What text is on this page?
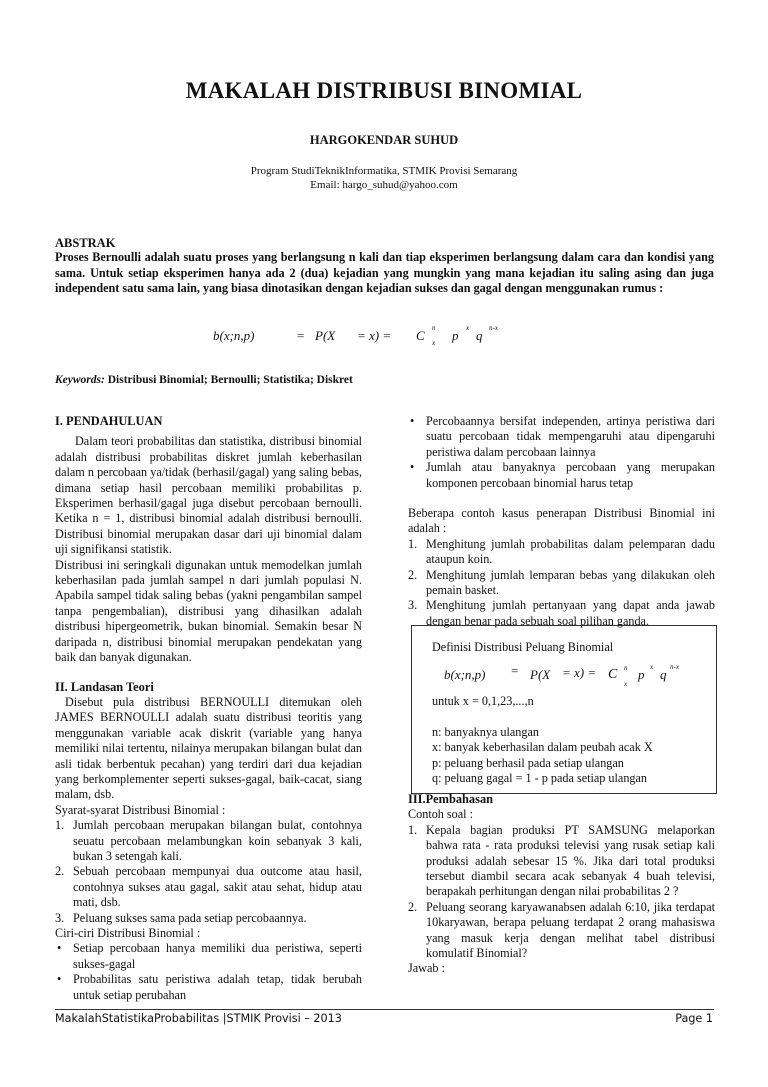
MAKALAH DISTRIBUSI BINOMIAL
HARGOKENDAR SUHUD
Program StudiTeknikInformatika, STMIK Provisi Semarang
Email: hargo_suhud@yahoo.com
ABSTRAK
Proses Bernoulli adalah suatu proses yang berlangsung n kali dan tiap eksperimen berlangsung dalam cara dan kondisi yang sama. Untuk setiap eksperimen hanya ada 2 (dua) kejadian yang mungkin yang mana kejadian itu saling asing dan juga independent satu sama lain, yang biasa dinotasikan dengan kejadian sukses dan gagal dengan menggunakan rumus :
b(x;n,p)	= P(X = x) = C n
x p x q n-x
Keywords: Distribusi Binomial; Bernoulli; Statistika; Diskret
I. PENDAHULUAN
Dalam teori probabilitas dan statistika, distribusi binomial adalah distribusi probabilitas diskret jumlah keberhasilan dalam n percobaan ya/tidak (berhasil/gagal) yang saling bebas, dimana setiap hasil percobaan memiliki probabilitas p. Eksperimen berhasil/gagal juga disebut percobaan bernoulli. Ketika n = 1, distribusi binomial adalah distribusi bernoulli. Distribusi binomial merupakan dasar dari uji binomial dalam uji signifikansi statistik.
Distribusi ini seringkali digunakan untuk memodelkan jumlah keberhasilan pada jumlah sampel n dari jumlah populasi N. Apabila sampel tidak saling bebas (yakni pengambilan sampel tanpa pengembalian), distribusi yang dihasilkan adalah distribusi hipergeometrik, bukan binomial. Semakin besar N daripada n, distribusi binomial merupakan pendekatan yang baik dan banyak digunakan.
II. Landasan Teori
Disebut pula distribusi BERNOULLI ditemukan oleh JAMES BERNOULLI adalah suatu distribusi teoritis yang menggunakan variable acak diskrit (variable yang hanya memiliki nilai tertentu, nilainya merupakan bilangan bulat dan asli tidak berbentuk pecahan) yang terdiri dari dua kejadian yang berkomplementer seperti sukses-gagal, baik-cacat, siang malam, dsb.
Syarat-syarat Distribusi Binomial :
1. Jumlah percobaan merupakan bilangan bulat, contohnya seuatu percobaan melambungkan koin sebanyak 3 kali, bukan 3 setengah kali.
2. Sebuah percobaan mempunyai dua outcome atau hasil, contohnya sukses atau gagal, sakit atau sehat, hidup atau mati, dsb.
3. Peluang sukses sama pada setiap percobaannya.
Ciri-ciri Distribusi Binomial :
• Setiap percobaan hanya memiliki dua peristiwa, seperti sukses-gagal
• Probabilitas satu peristiwa adalah tetap, tidak berubah untuk setiap perubahan
• Percobaannya bersifat independen, artinya peristiwa dari suatu percobaan tidak mempengaruhi atau dipengaruhi peristiwa dalam percobaan lainnya
• Jumlah atau banyaknya percobaan yang merupakan komponen percobaan binomial harus tetap
Beberapa contoh kasus penerapan Distribusi Binomial ini adalah :
1. Menghitung jumlah probabilitas dalam pelemparan dadu ataupun koin.
2. Menghitung jumlah lemparan bebas yang dilakukan oleh pemain basket.
3. Menghitung jumlah pertanyaan yang dapat anda jawab dengan benar pada sebuah soal pilihan ganda.
Definisi Distribusi Peluang Binomial
b(x;n,p) = P(X = x) = C n
x
p x q n-x
untuk x = 0,1,23,...,n
n: banyaknya ulangan
x: banyak keberhasilan dalam peubah acak X
p: peluang berhasil pada setiap ulangan
q: peluang gagal = 1 - p pada setiap ulangan
III.Pembahasan
Contoh soal :
1. Kepala bagian produksi PT SAMSUNG melaporkan bahwa rata - rata produksi televisi yang rusak setiap kali produksi adalah sebesar 15 %. Jika dari total produksi tersebut diambil secara acak sebanyak 4 buah televisi, berapakah perhitungan dengan nilai probabilitas 2 ?
2. Peluang seorang karyawanabsen adalah 6:10, jika terdapat 10karyawan, berapa peluang terdapat 2 orang mahasiswa yang masuk kerja dengan melihat tabel distribusi komulatif Binomial?
Jawab :
MakalahStatistikaProbabilitas |STMIK Provisi – 2013	Page 1
